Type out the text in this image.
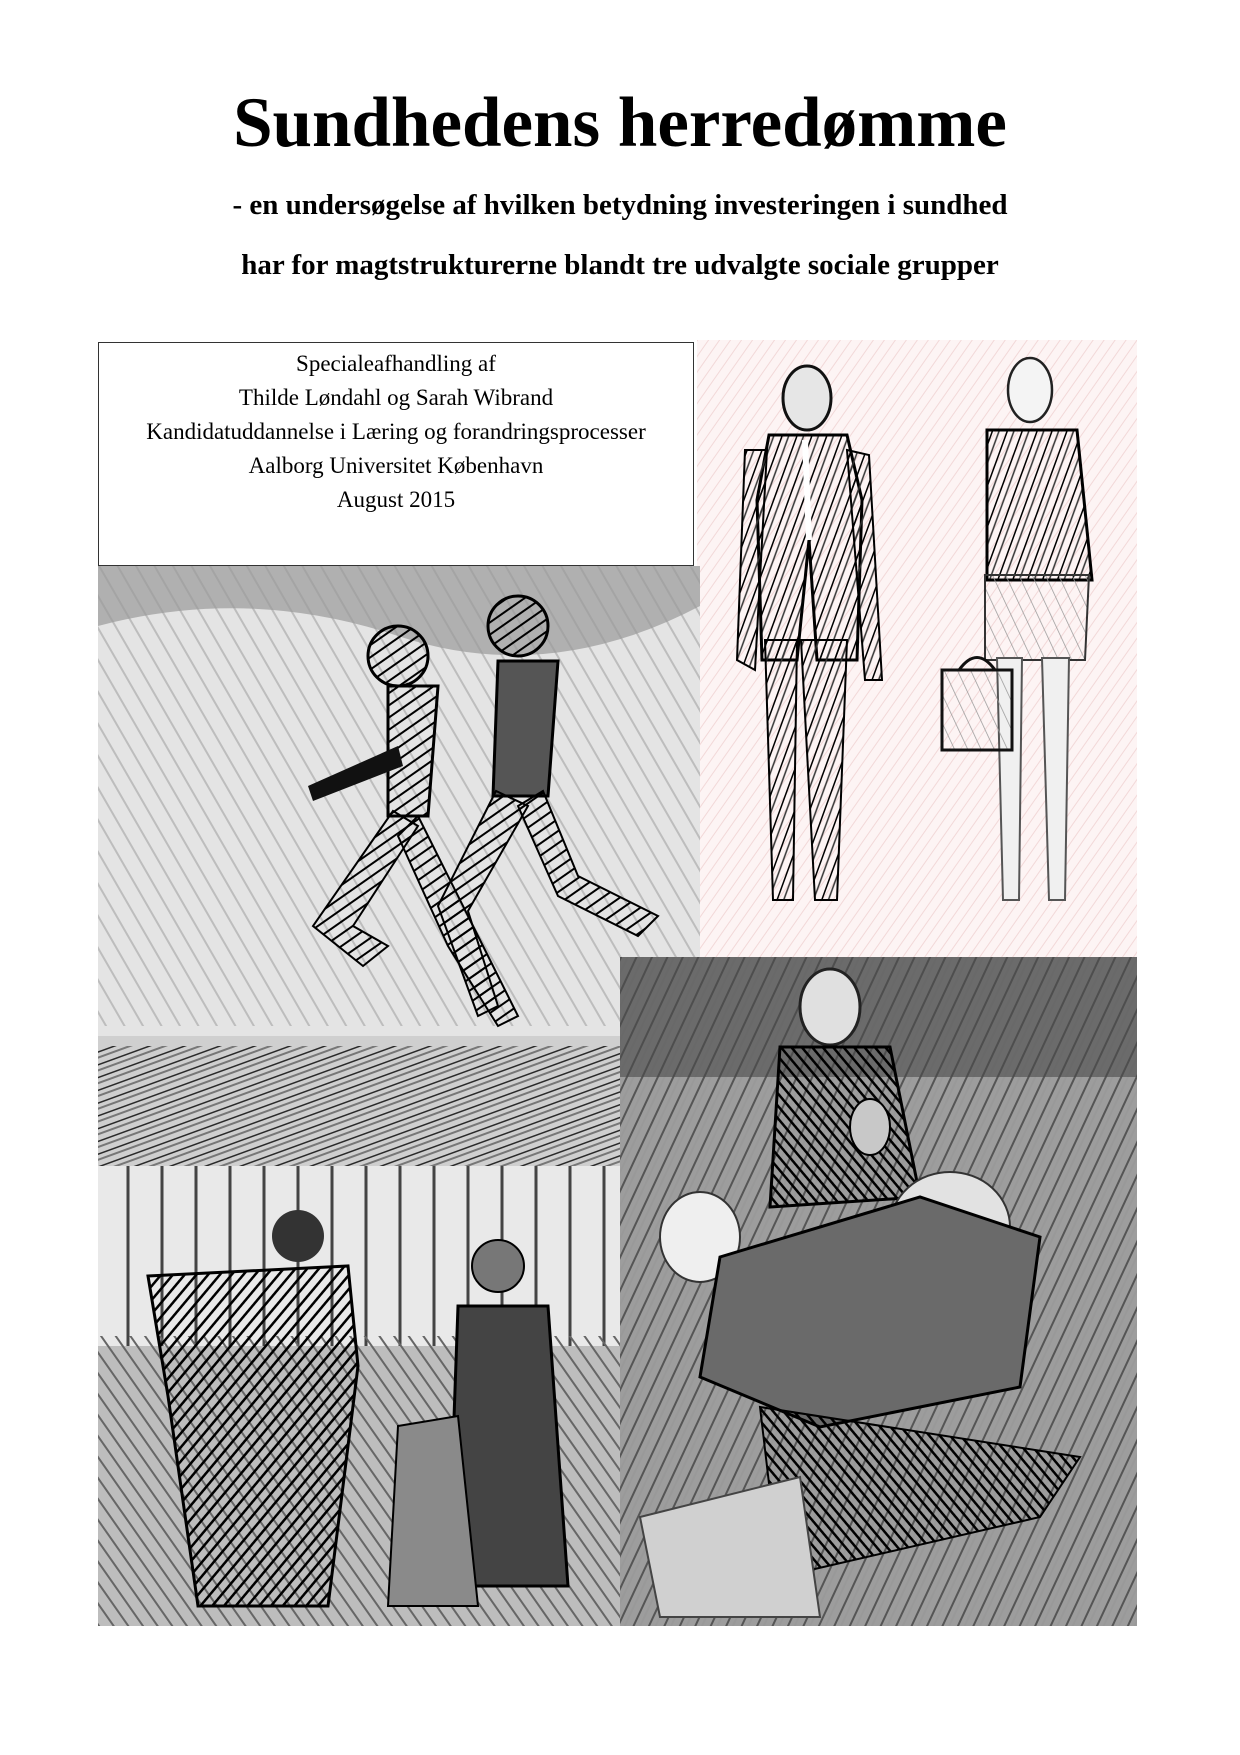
Sundhedens herredømme

- en undersøgelse af hvilken betydning investeringen i sundhed

har for magtstrukturerne blandt tre udvalgte sociale grupper

Specialeafhandling af
Thilde Løndahl og Sarah Wibrand
Kandidatuddannelse i Læring og forandringsprocesser
Aalborg Universitet København
August 2015
